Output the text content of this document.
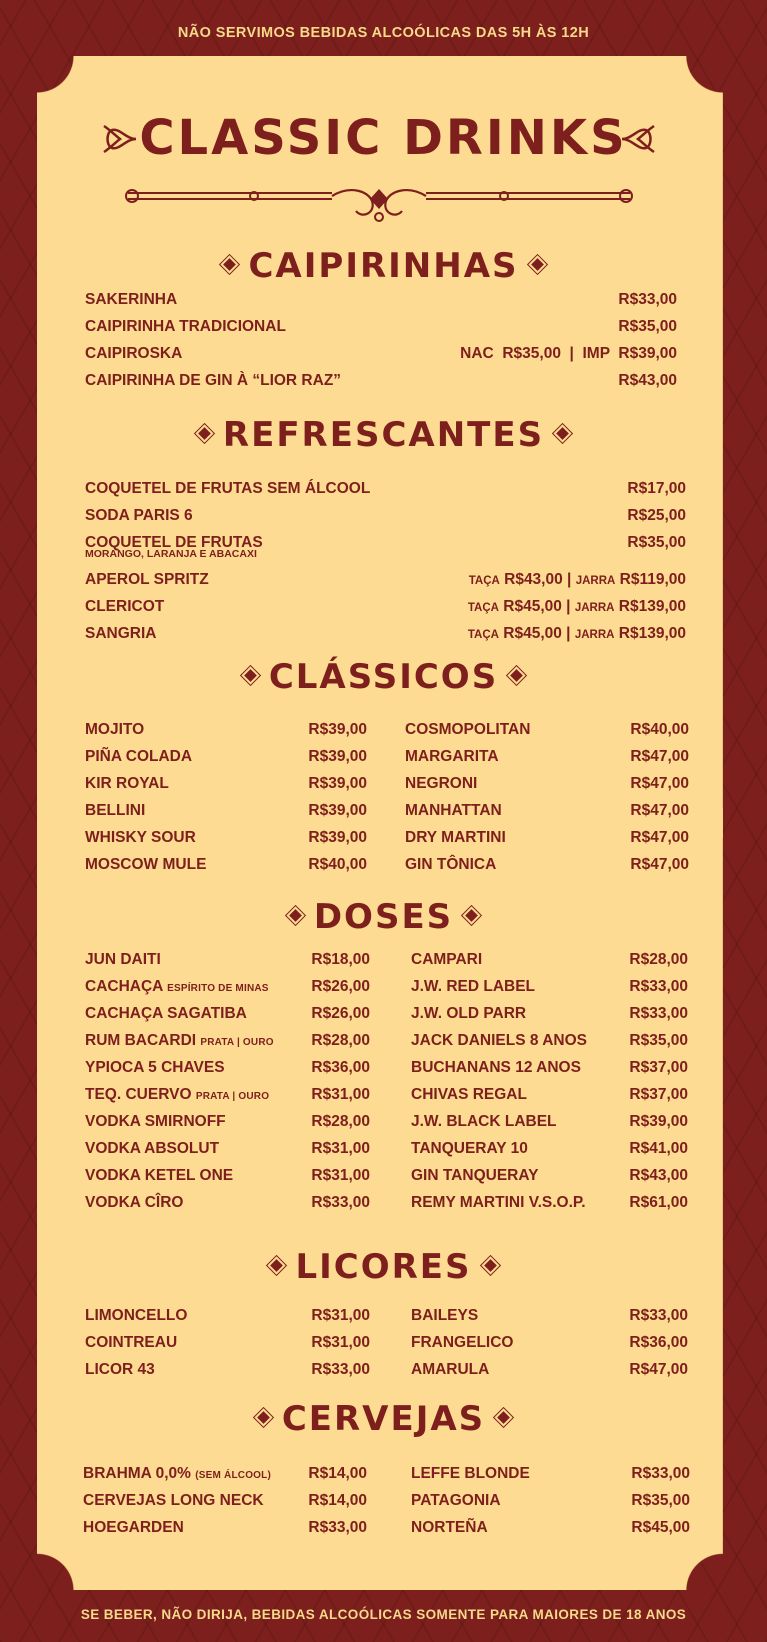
NÃO SERVIMOS BEBIDAS ALCOÓLICAS DAS 5H ÀS 12H
CLASSIC DRINKS
CAIPIRINHAS
SAKERINHA	R$33,00
CAIPIRINHA TRADICIONAL	R$35,00
CAIPIROSKA	NAC  R$35,00  |  IMP  R$39,00
CAIPIRINHA DE GIN À “LIOR RAZ”	R$43,00
REFRESCANTES
COQUETEL DE FRUTAS SEM ÁLCOOL	R$17,00
SODA PARIS 6	R$25,00
COQUETEL DE FRUTAS
MORANGO, LARANJA E ABACAXI
R$35,00
APEROL SPRITZ	TAÇA R$43,00 | JARRA R$119,00
CLERICOT	TAÇA R$45,00 | JARRA R$139,00
SANGRIA	TAÇA R$45,00 | JARRA R$139,00
CLÁSSICOS
MOJITO	R$39,00
PIÑA COLADA	R$39,00
KIR ROYAL	R$39,00
BELLINI	R$39,00
WHISKY SOUR	R$39,00
MOSCOW MULE	R$40,00
COSMOPOLITAN	R$40,00
MARGARITA	R$47,00
NEGRONI	R$47,00
MANHATTAN	R$47,00
DRY MARTINI	R$47,00
GIN TÔNICA	R$47,00
DOSES
JUN DAITI	R$18,00
CACHAÇA ESPÍRITO DE MINAS	R$26,00
CACHAÇA SAGATIBA	R$26,00
RUM BACARDI PRATA | OURO R$28,00
YPIOCA 5 CHAVES	R$36,00
TEQ. CUERVO PRATA | OURO	R$31,00
VODKA SMIRNOFF	R$28,00
VODKA ABSOLUT	R$31,00
VODKA KETEL ONE	R$31,00
VODKA CÎRO	R$33,00
CAMPARI	R$28,00
J.W. RED LABEL	R$33,00
J.W. OLD PARR	R$33,00
JACK DANIELS 8 ANOS	R$35,00
BUCHANANS 12 ANOS	R$37,00
CHIVAS REGAL	R$37,00
J.W. BLACK LABEL	R$39,00
TANQUERAY 10	R$41,00
GIN TANQUERAY	R$43,00
REMY MARTINI V.S.O.P.	R$61,00
LICORES
LIMONCELLO	R$31,00
COINTREAU	R$31,00
LICOR 43	R$33,00
BAILEYS	R$33,00
FRANGELICO	R$36,00
AMARULA	R$47,00
CERVEJAS
BRAHMA 0,0% (SEM ÁLCOOL) R$14,00
CERVEJAS LONG NECK	R$14,00
HOEGARDEN	R$33,00
LEFFE BLONDE	R$33,00
PATAGONIA	R$35,00
NORTEÑA	R$45,00
SE BEBER, NÃO DIRIJA, BEBIDAS ALCOÓLICAS SOMENTE PARA MAIORES DE 18 ANOS
